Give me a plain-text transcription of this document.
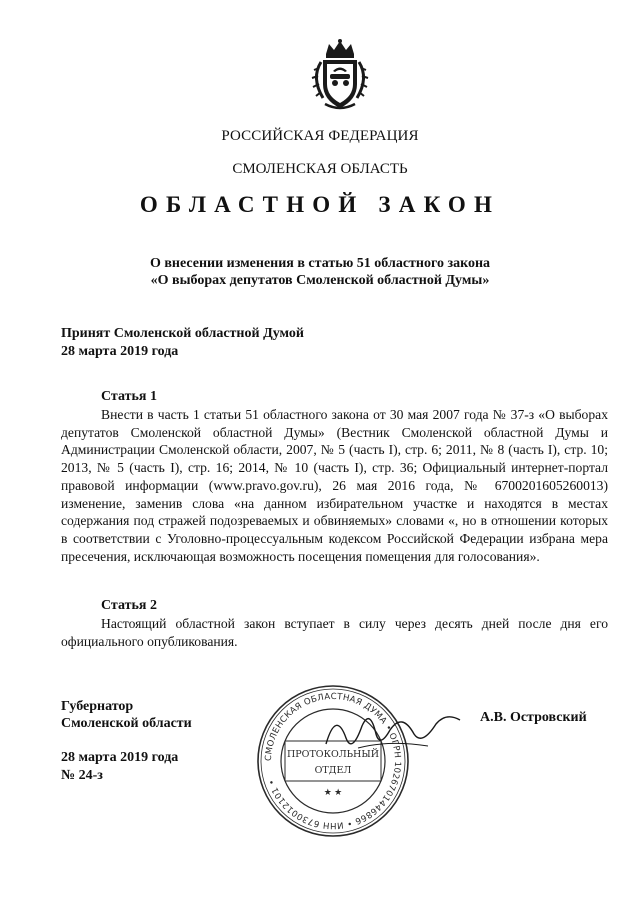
РОССИЙСКАЯ ФЕДЕРАЦИЯ
СМОЛЕНСКАЯ ОБЛАСТЬ
ОБЛАСТНОЙ ЗАКОН
О внесении изменения в статью 51 областного закона
«О выборах депутатов Смоленской областной Думы»
Принят Смоленской областной Думой
28 марта 2019 года
Статья 1
Внести в часть 1 статьи 51 областного закона от 30 мая 2007 года № 37-з «О выборах депутатов Смоленской областной Думы» (Вестник Смоленской областной Думы и Администрации Смоленской области, 2007, № 5 (часть I), стр. 6; 2011, № 8 (часть I), стр. 10; 2013, № 5 (часть I), стр. 16; 2014, № 10 (часть I), стр. 36; Официальный интернет-портал правовой информации (www.pravo.gov.ru), 26 мая 2016 года, № 6700201605260013) изменение, заменив слова «на данном избирательном участке и находятся в местах содержания под стражей подозреваемых и обвиняемых» словами «, но в отношении которых в соответствии с Уголовно-процессуальным кодексом Российской Федерации избрана мера пресечения, исключающая возможность посещения помещения для голосования».
Статья 2
Настоящий областной закон вступает в силу через десять дней после дня его официального опубликования.
Губернатор
Смоленской области
28 марта 2019 года
№ 24-з
А.В. Островский
СМОЛЕНСКАЯ ОБЛАСТНАЯ ДУМА • ОГРН 1026701446866 • ИНН 6730012101 •
ПРОТОКОЛЬНЫЙ
ОТДЕЛ
★ ★
